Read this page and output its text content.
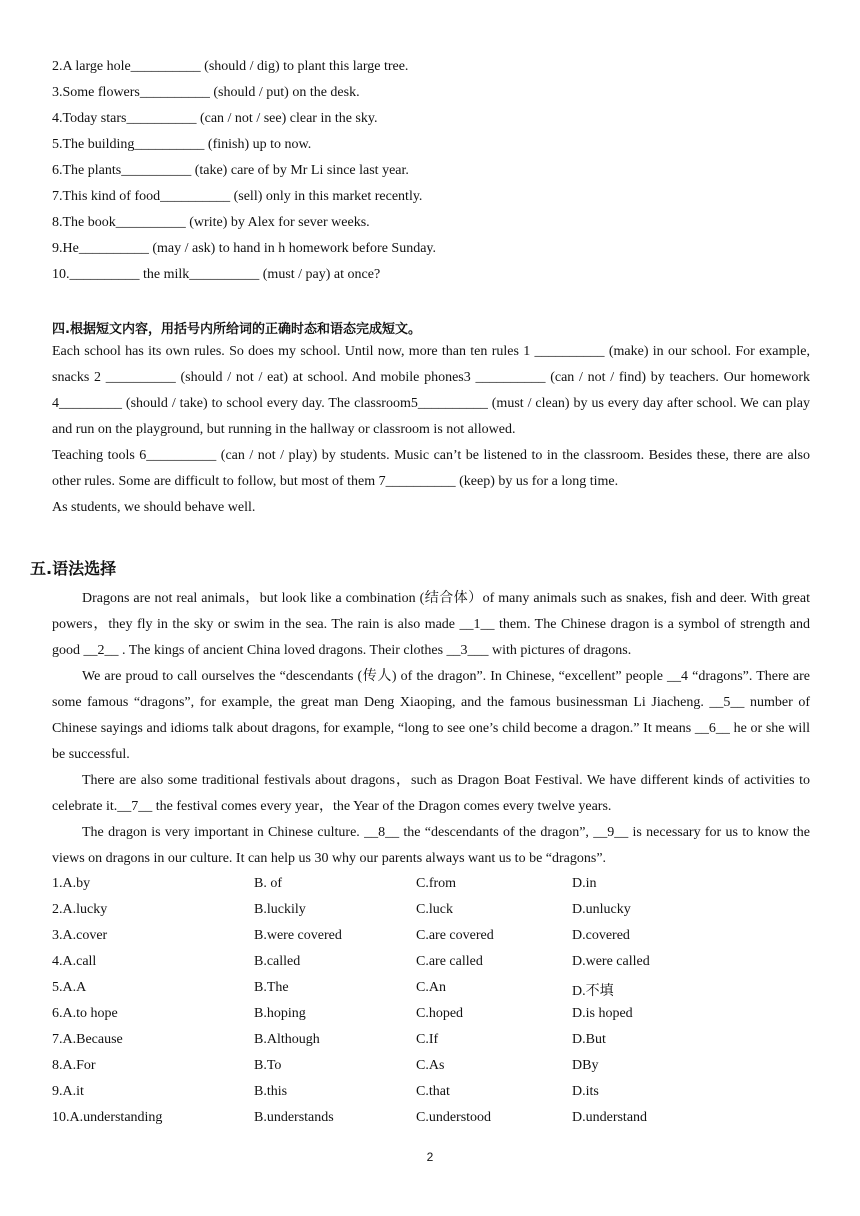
2.A large hole__________ (should / dig) to plant this large tree.
3.Some flowers__________ (should / put) on the desk.
4.Today stars__________ (can / not / see) clear in the sky.
5.The building__________ (finish) up to now.
6.The plants__________ (take) care of by Mr Li since last year.
7.This kind of food__________ (sell) only in this market recently.
8.The book__________ (write) by Alex for sever weeks.
9.He__________ (may / ask) to hand in h homework before Sunday.
10.__________ the milk__________ (must / pay) at once?
四.根据短文内容，用括号内所给词的正确时态和语态完成短文。

Each school has its own rules. So does my school. Until now, more than ten rules 1 __________ (make) in our school. For example, snacks 2 __________ (should / not / eat) at school. And mobile phones3 __________ (can / not / find) by teachers. Our homework 4_________ (should / take) to school every day. The classroom5__________ (must / clean) by us every day after school. We can play and run on the playground, but running in the hallway or classroom is not allowed.

Teaching tools 6__________ (can / not / play) by students. Music can’t be listened to in the classroom. Besides these, there are also other rules. Some are difficult to follow, but most of them 7__________ (keep) by us for a long time.

As students, we should behave well.

五.语法选择

Dragons are not real animals，but look like a combination (结合体）of many animals such as snakes, fish and deer. With great powers，they fly in the sky or swim in the sea. The rain is also made __1__ them. The Chinese dragon is a symbol of strength and good __2__ . The kings of ancient China loved dragons. Their clothes __3___ with pictures of dragons.

We are proud to call ourselves the “descendants (传人) of the dragon”. In Chinese, “excellent” people __4 “dragons”. There are some famous “dragons”, for example, the great man Deng Xiaoping, and the famous businessman Li Jiacheng. __5__ number of Chinese sayings and idioms talk about dragons, for example, “long to see one’s child become a dragon.” It means __6__ he or she will be successful.

There are also some traditional festivals about dragons，such as Dragon Boat Festival. We have different kinds of activities to celebrate it.__7__ the festival comes every year，the Year of the Dragon comes every twelve years.

The dragon is very important in Chinese culture. __8__ the “descendants of the dragon”, __9__ is necessary for us to know the views on dragons in our culture. It can help us 30 why our parents always want us to be “dragons”.

1.A.by	B. of	C.from	D.in
2.A.lucky	B.luckily	C.luck	D.unlucky
3.A.cover	B.were covered	C.are covered	D.covered
4.A.call	B.called	C.are called	D.were called
5.A.A	B.The	C.An	D.不填
6.A.to hope	B.hoping	C.hoped	D.is hoped
7.A.Because	B.Although	C.If	D.But
8.A.For	B.To	C.As	DBy
9.A.it	B.this	C.that	D.its
10.A.understanding	B.understands	C.understood	D.understand
2
